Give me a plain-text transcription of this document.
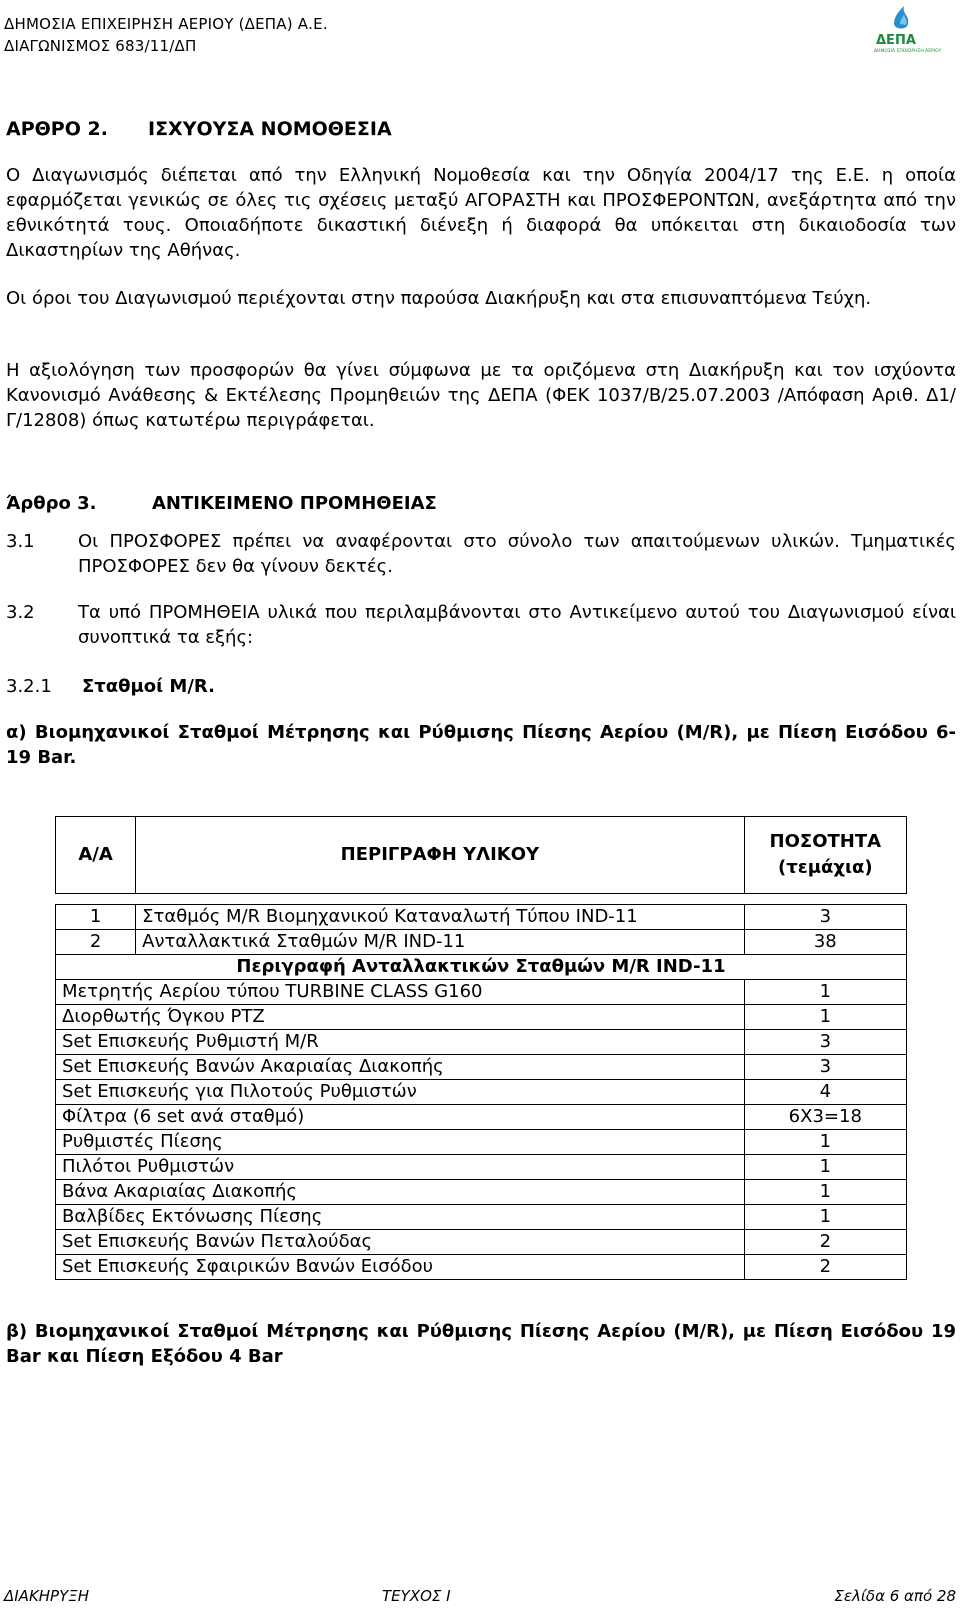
ΔΗΜΟΣΙΑ ΕΠΙΧΕΙΡΗΣΗ ΑΕΡΙΟΥ (ΔΕΠΑ) Α.Ε.
ΔΙΑΓΩΝΙΣΜΟΣ 683/11/ΔΠ	ΔΕΠΑ
ΔΗΜΟΣΙΑ ΕΠΙΧΕΙΡΗΣΗ ΑΕΡΙΟΥ
ΑΡΘΡΟ 2. ΙΣΧΥΟΥΣΑ ΝΟΜΟΘΕΣΙΑ
Ο Διαγωνισμός διέπεται από την Ελληνική Νομοθεσία και την Οδηγία 2004/17 της Ε.Ε. η οποία εφαρμόζεται γενικώς σε όλες τις σχέσεις μεταξύ ΑΓΟΡΑΣΤΗ και ΠΡΟΣΦΕΡΟΝΤΩΝ, ανεξάρτητα από την εθνικότητά τους. Οποιαδήποτε δικαστική διένεξη ή διαφορά θα υπόκειται στη δικαιοδοσία των Δικαστηρίων της Αθήνας.
Οι όροι του Διαγωνισμού περιέχονται στην παρούσα Διακήρυξη και στα επισυναπτόμενα Τεύχη.
Η αξιολόγηση των προσφορών θα γίνει σύμφωνα με τα οριζόμενα στη Διακήρυξη και τον ισχύοντα Κανονισμό Ανάθεσης & Εκτέλεσης Προμηθειών της ΔΕΠΑ (ΦΕΚ 1037/Β/25.07.2003 /Απόφαση Αριθ. Δ1/Γ/12808) όπως κατωτέρω περιγράφεται.
Άρθρο 3.	ΑΝΤΙΚΕΙΜΕΝΟ ΠΡΟΜΗΘΕΙΑΣ
3.1 Οι ΠΡΟΣΦΟΡΕΣ πρέπει να αναφέρονται στο σύνολο των απαιτούμενων υλικών. Τμηματικές ΠΡΟΣΦΟΡΕΣ δεν θα γίνουν δεκτές.
3.2 Τα υπό ΠΡΟΜΗΘΕΙΑ υλικά που περιλαμβάνονται στο Αντικείμενο αυτού του Διαγωνισμού είναι συνοπτικά τα εξής:
3.2.1 Σταθμοί Μ/R.
α) Βιομηχανικοί Σταθμοί Μέτρησης και Ρύθμισης Πίεσης Αερίου (Μ/R), με Πίεση Εισόδου 6-19 Bar.
Α/Α	ΠΕΡΙΓΡΑΦΗ ΥΛΙΚΟΥ	ΠΟΣΟΤΗΤΑ
(τεμάχια)

1	Σταθμός Μ/R Βιομηχανικού Καταναλωτή Τύπου IND-11	3
2	Ανταλλακτικά Σταθμών Μ/R IND-11	38
Περιγραφή Ανταλλακτικών Σταθμών Μ/R IND-11		
Μετρητής Αερίου τύπου TURBINE CLASS G160		1
Διορθωτής Όγκου PTZ		1
Set Επισκευής Ρυθμιστή Μ/R		3
Set Επισκευής Βανών Ακαριαίας Διακοπής		3
Set Επισκευής για Πιλοτούς Ρυθμιστών		4
Φίλτρα (6 set ανά σταθμό)		6Χ3=18
Ρυθμιστές Πίεσης		1
Πιλότοι Ρυθμιστών		1
Βάνα Ακαριαίας Διακοπής		1
Βαλβίδες Εκτόνωσης Πίεσης		1
Set Επισκευής Βανών Πεταλούδας		2
Set Επισκευής Σφαιρικών Βανών Εισόδου		2
β) Βιομηχανικοί Σταθμοί Μέτρησης και Ρύθμισης Πίεσης Αερίου (Μ/R), με Πίεση Εισόδου 19 Bar και Πίεση Εξόδου 4 Bar
ΔΙΑΚΗΡΥΞΗ	ΤΕΥΧΟΣ Ι	Σελίδα 6 από 28
